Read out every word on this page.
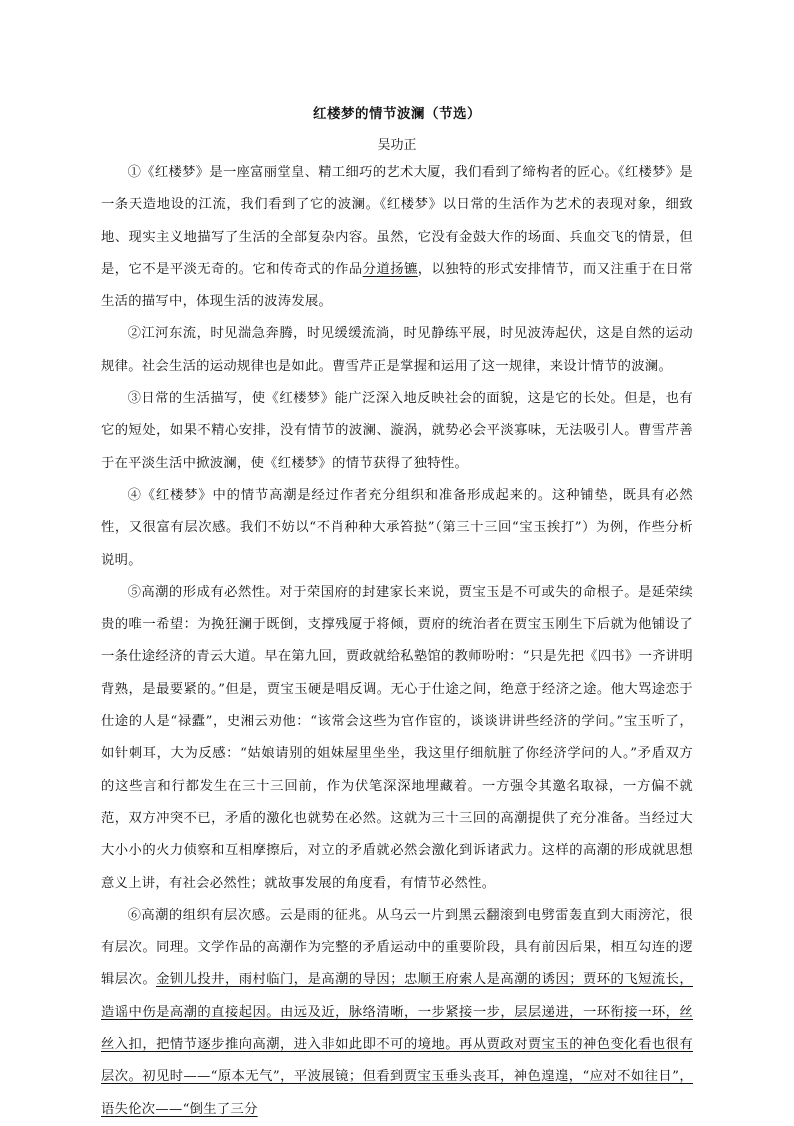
红楼梦的情节波澜（节选）
吴功正

①《红楼梦》是一座富丽堂皇、精工细巧的艺术大厦，我们看到了缔构者的匠心。《红楼梦》是一条天造地设的江流，我们看到了它的波澜。《红楼梦》以日常的生活作为艺术的表现对象，细致地、现实主义地描写了生活的全部复杂内容。虽然，它没有金鼓大作的场面、兵血交飞的情景，但是，它不是平淡无奇的。它和传奇式的作品分道扬镳，以独特的形式安排情节，而又注重于在日常生活的描写中，体现生活的波涛发展。

②江河东流，时见湍急奔腾，时见缓缓流淌，时见静练平展，时见波涛起伏，这是自然的运动规律。社会生活的运动规律也是如此。曹雪芹正是掌握和运用了这一规律，来设计情节的波澜。

③日常的生活描写，使《红楼梦》能广泛深入地反映社会的面貌，这是它的长处。但是，也有它的短处，如果不精心安排，没有情节的波澜、漩涡，就势必会平淡寡味，无法吸引人。曹雪芹善于在平淡生活中掀波澜，使《红楼梦》的情节获得了独特性。

④《红楼梦》中的情节高潮是经过作者充分组织和准备形成起来的。这种铺垫，既具有必然性，又很富有层次感。我们不妨以“不肖种种大承笞挞”（第三十三回“宝玉挨打”）为例，作些分析说明。

⑤高潮的形成有必然性。对于荣国府的封建家长来说，贾宝玉是不可或失的命根子。是延荣续贵的唯一希望：为挽狂澜于既倒，支撑残厦于将倾，贾府的统治者在贾宝玉刚生下后就为他铺设了一条仕途经济的青云大道。早在第九回，贾政就给私塾馆的教师吩咐：“只是先把《四书》一齐讲明背熟，是最要紧的。”但是，贾宝玉硬是唱反调。无心于仕途之间，绝意于经济之途。他大骂途恋于仕途的人是“禄蠹”，史湘云劝他：“该常会这些为官作宦的，谈谈讲讲些经济的学问。”宝玉听了，如针刺耳，大为反感：“姑娘请别的姐妹屋里坐坐，我这里仔细航脏了你经济学问的人。”矛盾双方的这些言和行都发生在三十三回前，作为伏笔深深地埋藏着。一方强令其邀名取禄，一方偏不就范，双方冲突不已，矛盾的激化也就势在必然。这就为三十三回的高潮提供了充分准备。当经过大大小小的火力侦察和互相摩擦后，对立的矛盾就必然会激化到诉诸武力。这样的高潮的形成就思想意义上讲，有社会必然性；就故事发展的角度看，有情节必然性。

⑥高潮的组织有层次感。云是雨的征兆。从乌云一片到黑云翻滚到电劈雷轰直到大雨滂沱，很有层次。同理。文学作品的高潮作为完整的矛盾运动中的重要阶段，具有前因后果，相互勾连的逻辑层次。金钏儿投井，雨村临门，是高潮的导因；忠顺王府索人是高潮的诱因；贾环的飞短流长，造谣中伤是高潮的直接起因。由远及近，脉络清晰，一步紧接一步，层层递进，一环衔接一环，丝丝入扣，把情节逐步推向高潮，进入非如此即不可的境地。再从贾政对贾宝玉的神色变化看也很有层次。初见时——“原本无气”，平波展镜；但看到贾宝玉垂头丧耳，神色遑遑，“应对不如往日”，语失伦次——“倒生了三分
